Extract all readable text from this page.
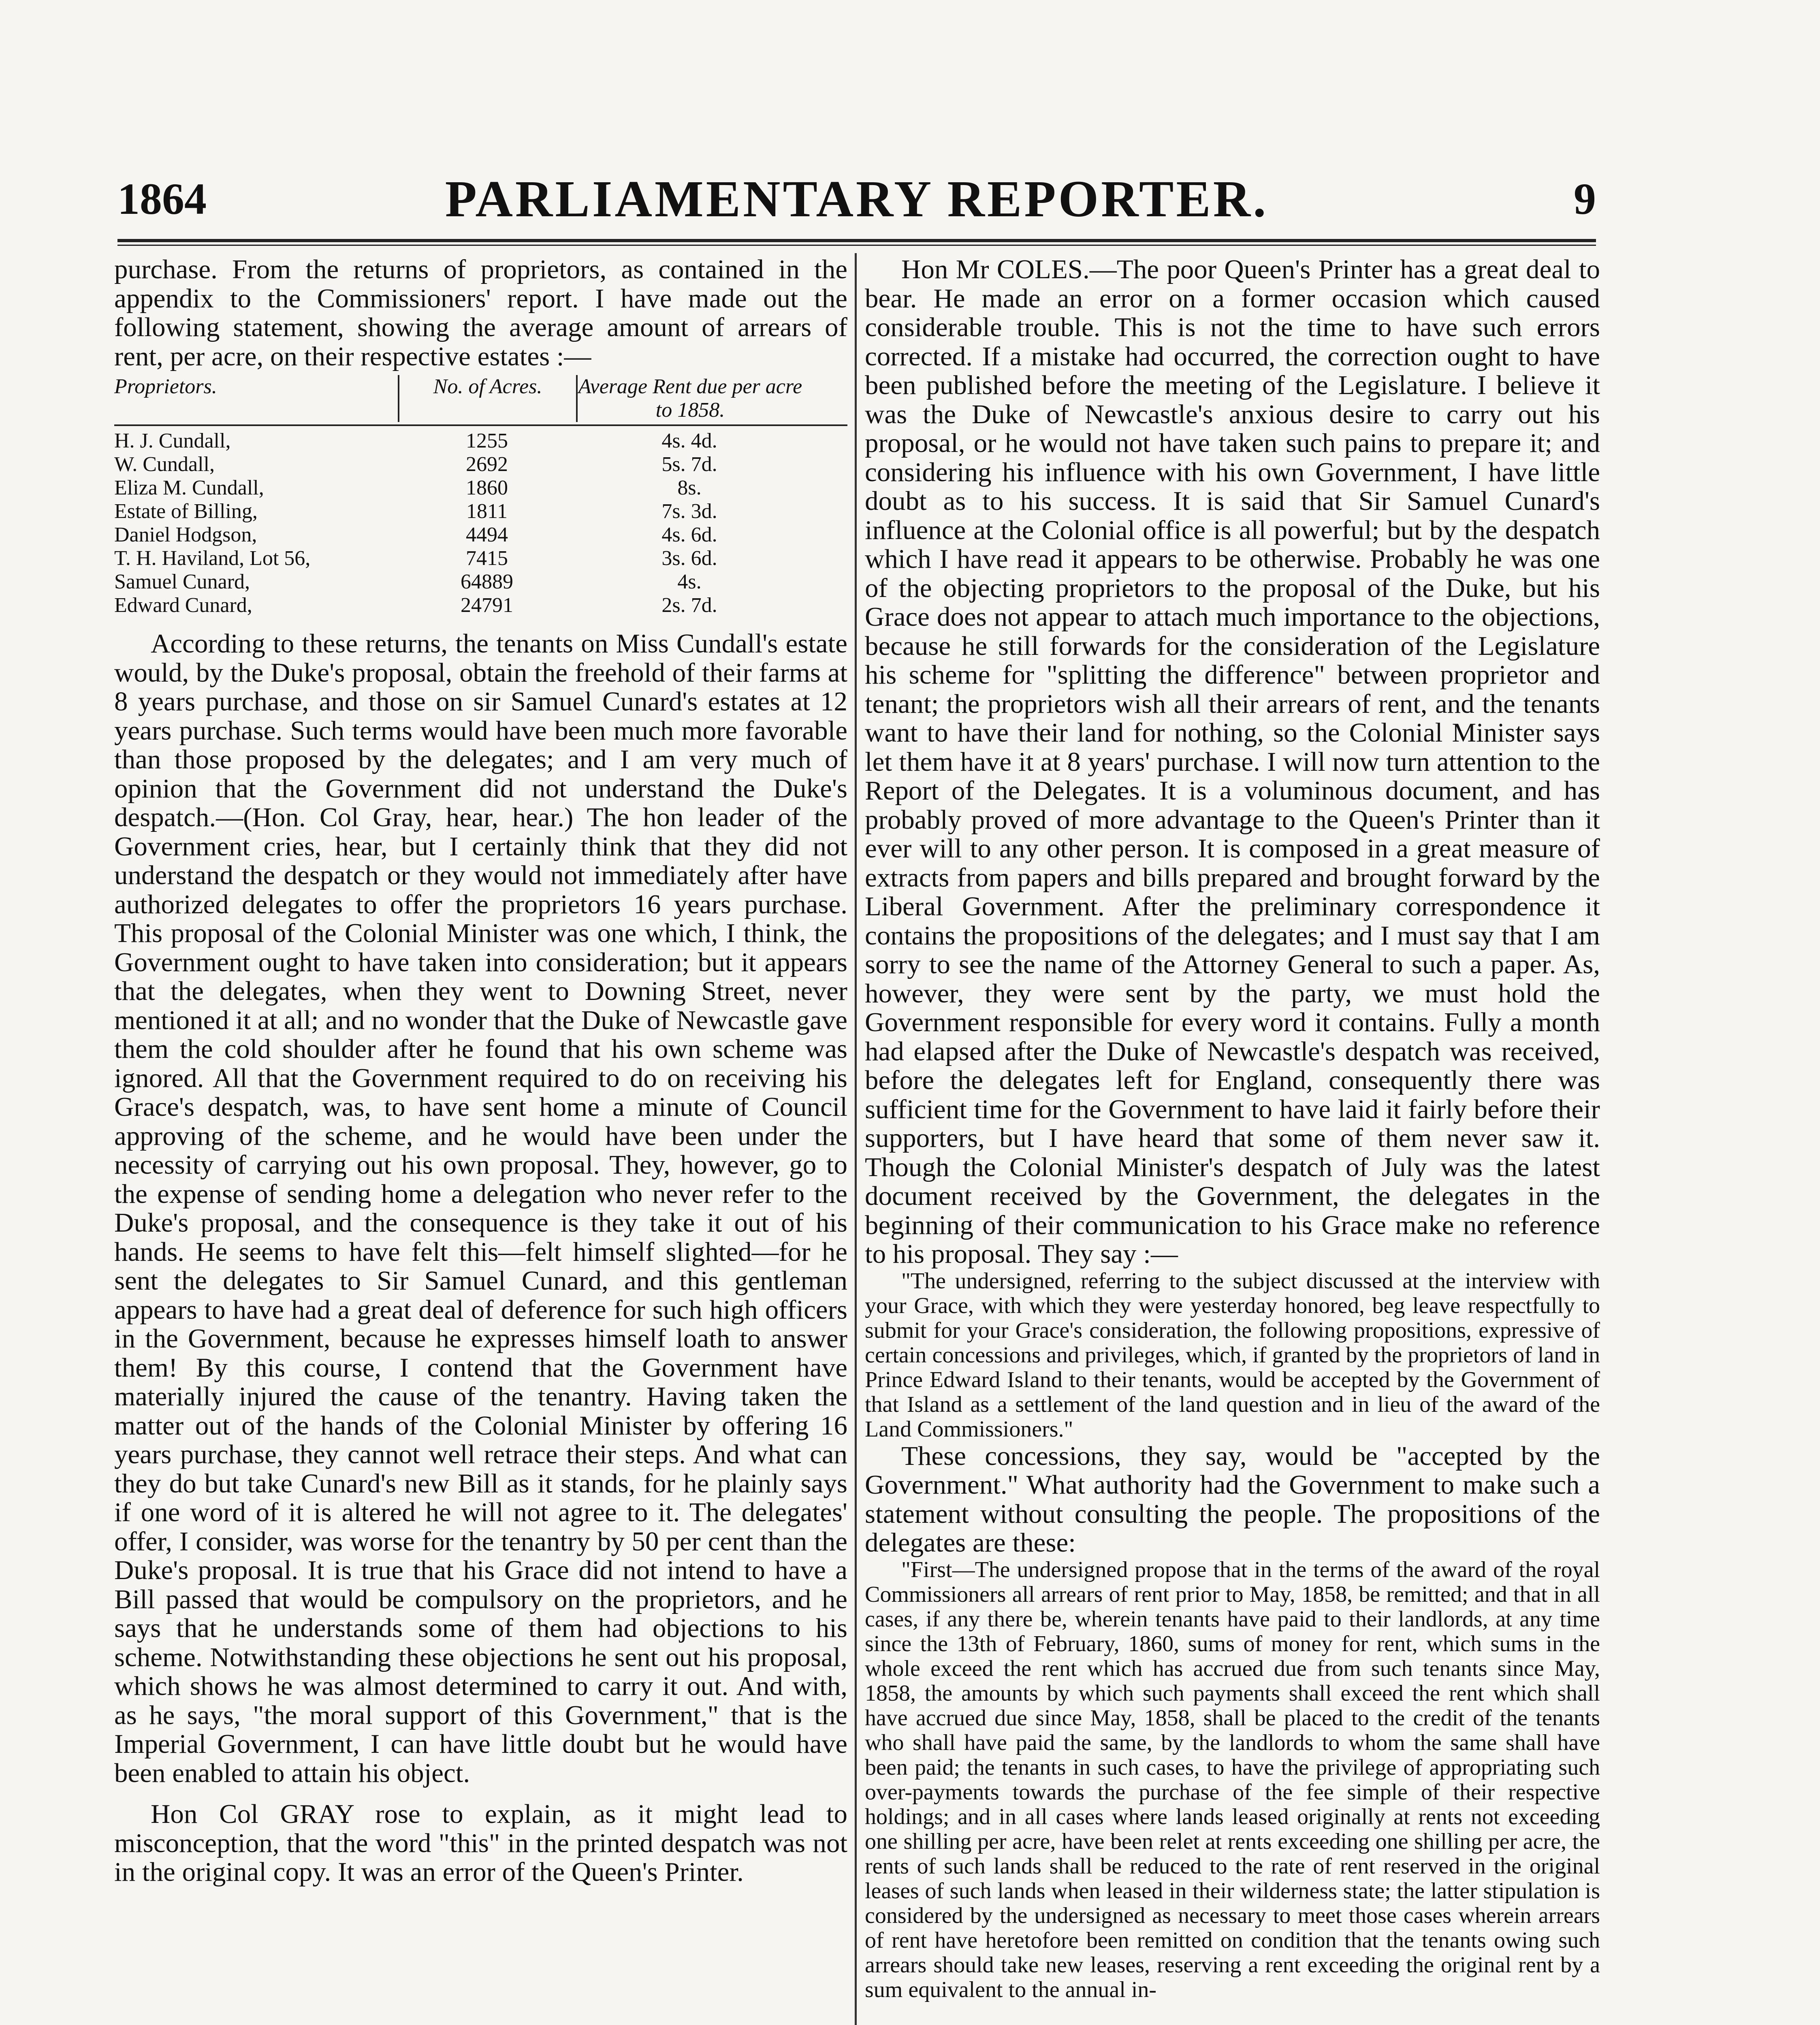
1864	PARLIAMENTARY REPORTER.	9

purchase. From the returns of proprietors, as contained in the appendix to the Commissioners' report. I have made out the following statement, showing the average amount of arrears of rent, per acre, on their respective estates :—

Proprietors.	No. of Acres.	Average Rent due per acre to 1858.
H. J. Cundall,	1255	4s. 4d.
W. Cundall,	2692	5s. 7d.
Eliza M. Cundall,	1860	8s.
Estate of Billing,	1811	7s. 3d.
Daniel Hodgson,	4494	4s. 6d.
T. H. Haviland, Lot 56,	7415	3s. 6d.
Samuel Cunard,	64889	4s.
Edward Cunard,	24791	2s. 7d.

According to these returns, the tenants on Miss Cundall's estate would, by the Duke's proposal, obtain the freehold of their farms at 8 years purchase, and those on sir Samuel Cunard's estates at 12 years purchase. Such terms would have been much more favorable than those proposed by the delegates; and I am very much of opinion that the Government did not understand the Duke's despatch.—(Hon. Col Gray, hear, hear.) The hon leader of the Government cries, hear, but I certainly think that they did not understand the despatch or they would not immediately after have authorized delegates to offer the proprietors 16 years purchase. This proposal of the Colonial Minister was one which, I think, the Government ought to have taken into consideration; but it appears that the delegates, when they went to Downing Street, never mentioned it at all; and no wonder that the Duke of Newcastle gave them the cold shoulder after he found that his own scheme was ignored. All that the Government required to do on receiving his Grace's despatch, was, to have sent home a minute of Council approving of the scheme, and he would have been under the necessity of carrying out his own proposal. They, however, go to the expense of sending home a delegation who never refer to the Duke's proposal, and the consequence is they take it out of his hands. He seems to have felt this—felt himself slighted—for he sent the delegates to Sir Samuel Cunard, and this gentleman appears to have had a great deal of deference for such high officers in the Government, because he expresses himself loath to answer them! By this course, I contend that the Government have materially injured the cause of the tenantry. Having taken the matter out of the hands of the Colonial Minister by offering 16 years purchase, they cannot well retrace their steps. And what can they do but take Cunard's new Bill as it stands, for he plainly says if one word of it is altered he will not agree to it. The delegates' offer, I consider, was worse for the tenantry by 50 per cent than the Duke's proposal. It is true that his Grace did not intend to have a Bill passed that would be compulsory on the proprietors, and he says that he understands some of them had objections to his scheme. Notwithstanding these objections he sent out his proposal, which shows he was almost determined to carry it out. And with, as he says, "the moral support of this Government," that is the Imperial Government, I can have little doubt but he would have been enabled to attain his object.

Hon Col GRAY rose to explain, as it might lead to misconception, that the word "this" in the printed despatch was not in the original copy. It was an error of the Queen's Printer.

Hon Mr COLES.—The poor Queen's Printer has a great deal to bear. He made an error on a former occasion which caused considerable trouble. This is not the time to have such errors corrected. If a mistake had occurred, the correction ought to have been published before the meeting of the Legislature. I believe it was the Duke of Newcastle's anxious desire to carry out his proposal, or he would not have taken such pains to prepare it; and considering his influence with his own Government, I have little doubt as to his success. It is said that Sir Samuel Cunard's influence at the Colonial office is all powerful; but by the despatch which I have read it appears to be otherwise. Probably he was one of the objecting proprietors to the proposal of the Duke, but his Grace does not appear to attach much importance to the objections, because he still forwards for the consideration of the Legislature his scheme for "splitting the difference" between proprietor and tenant; the proprietors wish all their arrears of rent, and the tenants want to have their land for nothing, so the Colonial Minister says let them have it at 8 years' purchase. I will now turn attention to the Report of the Delegates. It is a voluminous document, and has probably proved of more advantage to the Queen's Printer than it ever will to any other person. It is composed in a great measure of extracts from papers and bills prepared and brought forward by the Liberal Government. After the preliminary correspondence it contains the propositions of the delegates; and I must say that I am sorry to see the name of the Attorney General to such a paper. As, however, they were sent by the party, we must hold the Government responsible for every word it contains. Fully a month had elapsed after the Duke of Newcastle's despatch was received, before the delegates left for England, consequently there was sufficient time for the Government to have laid it fairly before their supporters, but I have heard that some of them never saw it. Though the Colonial Minister's despatch of July was the latest document received by the Government, the delegates in the beginning of their communication to his Grace make no reference to his proposal. They say :—

"The undersigned, referring to the subject discussed at the interview with your Grace, with which they were yesterday honored, beg leave respectfully to submit for your Grace's consideration, the following propositions, expressive of certain concessions and privileges, which, if granted by the proprietors of land in Prince Edward Island to their tenants, would be accepted by the Government of that Island as a settlement of the land question and in lieu of the award of the Land Commissioners."

These concessions, they say, would be "accepted by the Government." What authority had the Government to make such a statement without consulting the people. The propositions of the delegates are these:

"First—The undersigned propose that in the terms of the award of the royal Commissioners all arrears of rent prior to May, 1858, be remitted; and that in all cases, if any there be, wherein tenants have paid to their landlords, at any time since the 13th of February, 1860, sums of money for rent, which sums in the whole exceed the rent which has accrued due from such tenants since May, 1858, the amounts by which such payments shall exceed the rent which shall have accrued due since May, 1858, shall be placed to the credit of the tenants who shall have paid the same, by the landlords to whom the same shall have been paid; the tenants in such cases, to have the privilege of appropriating such over-payments towards the purchase of the fee simple of their respective holdings; and in all cases where lands leased originally at rents not exceeding one shilling per acre, have been relet at rents exceeding one shilling per acre, the rents of such lands shall be reduced to the rate of rent reserved in the original leases of such lands when leased in their wilderness state; the latter stipulation is considered by the undersigned as necessary to meet those cases wherein arrears of rent have heretofore been remitted on condition that the tenants owing such arrears should take new leases, reserving a rent exceeding the original rent by a sum equivalent to the annual in-
